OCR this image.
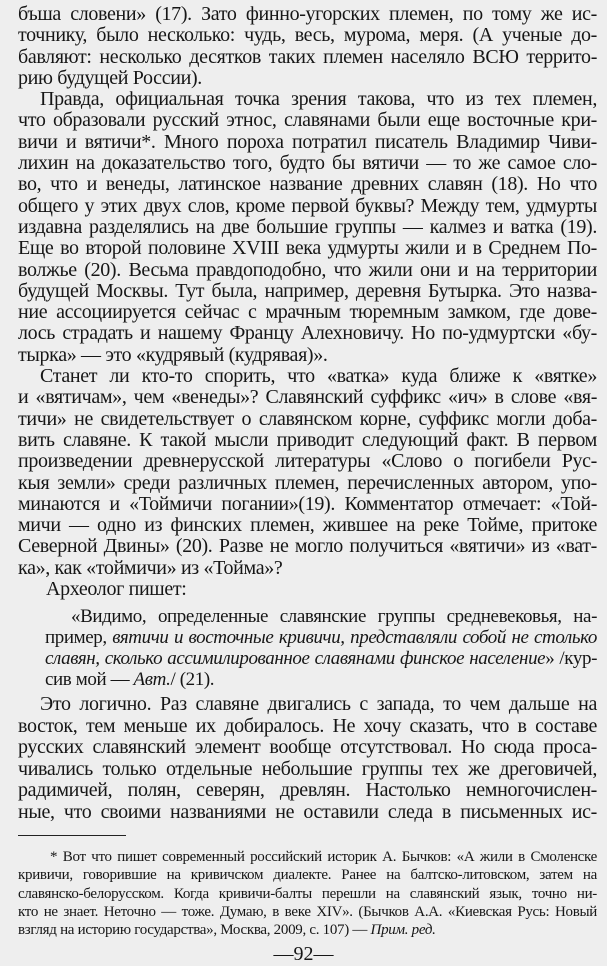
бъша словени» (17). Зато финно-угорских племен, по тому же ис-
точнику, было несколько: чудь, весь, мурома, меря. (А ученые до-
бавляют: несколько десятков таких племен населяло ВСЮ террито-
рию будущей России).
Правда, официальная точка зрения такова, что из тех племен,
что образовали русский этнос, славянами были еще восточные кри-
вичи и вятичи*. Много пороха потратил писатель Владимир Чиви-
лихин на доказательство того, будто бы вятичи — то же самое сло-
во, что и венеды, латинское название древних славян (18). Но что
общего у этих двух слов, кроме первой буквы? Между тем, удмурты
издавна разделялись на две большие группы — калмез и ватка (19).
Еще во второй половине XVIII века удмурты жили и в Среднем По-
волжье (20). Весьма правдоподобно, что жили они и на территории
будущей Москвы. Тут была, например, деревня Бутырка. Это назва-
ние ассоциируется сейчас с мрачным тюремным замком, где дове-
лось страдать и нашему Францу Алехновичу. Но по-удмуртски «бу-
тырка» — это «кудрявый (кудрявая)».
Станет ли кто-то спорить, что «ватка» куда ближе к «вятке»
и «вятичам», чем «венеды»? Славянский суффикс «ич» в слове «вя-
тичи» не свидетельствует о славянском корне, суффикс могли доба-
вить славяне. К такой мысли приводит следующий факт. В первом
произведении древнерусской литературы «Слово о погибели Рус-
кыя земли» среди различных племен, перечисленных автором, упо-
минаются и «Тоймичи погании»(19). Комментатор отмечает: «Той-
мичи — одно из финских племен, жившее на реке Тойме, притоке
Северной Двины» (20). Разве не могло получиться «вятичи» из «ват-
ка», как «тоймичи» из «Тойма»?
Археолог пишет:
«Видимо, определенные славянские группы средневековья, на-
пример, вятичи и восточные кривичи, представляли собой не столько
славян, сколько ассимилированное славянами финское население» /кур-
сив мой — Авт./ (21).
Это логично. Раз славяне двигались с запада, то чем дальше на
восток, тем меньше их добиралось. Не хочу сказать, что в составе
русских славянский элемент вообще отсутствовал. Но сюда проса-
чивались только отдельные небольшие группы тех же дреговичей,
радимичей, полян, северян, древлян. Настолько немногочислен-
ные, что своими названиями не оставили следа в письменных ис-
* Вот что пишет современный российский историк А. Бычков: «А жили в Смоленске
кривичи, говорившие на кривичском диалекте. Ранее на балтско-литовском, затем на
славянско-белорусском. Когда кривичи-балты перешли на славянский язык, точно ни-
кто не знает. Неточно — тоже. Думаю, в веке XIV». (Бычков А.А. «Киевская Русь: Новый
взгляд на историю государства», Москва, 2009, с. 107) — Прим. ред.
—92—
